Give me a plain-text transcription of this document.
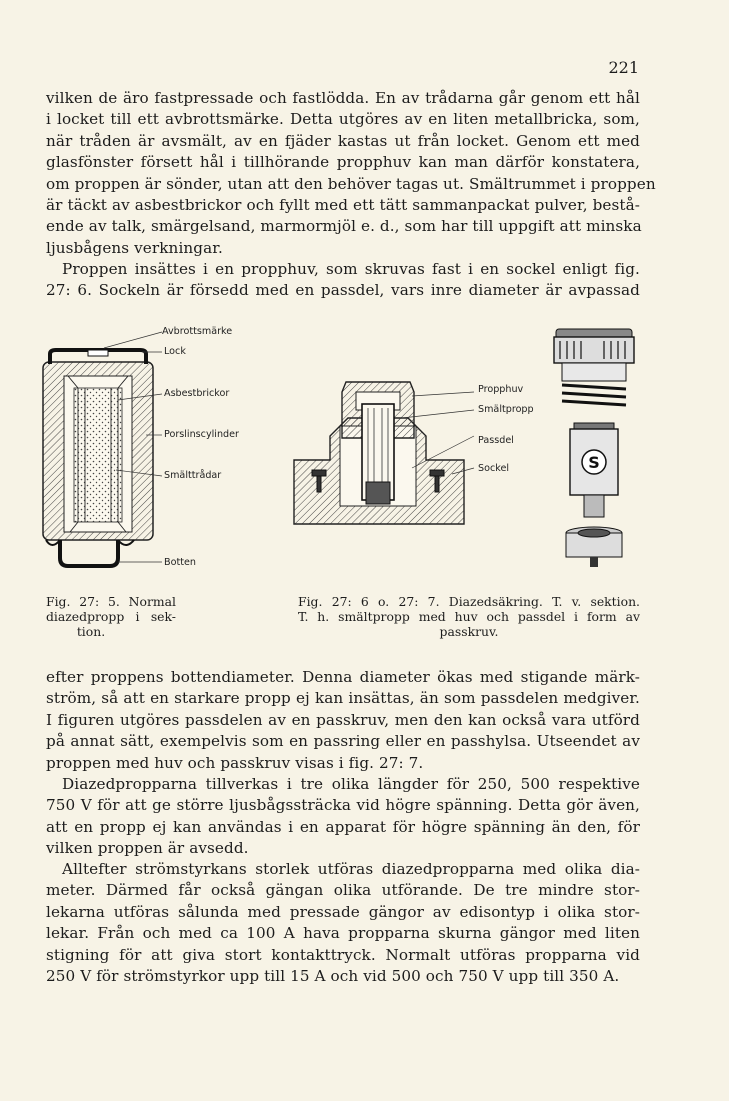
221
vilken de äro fastpressade och fastlödda. En av trådarna går genom ett hål
i locket till ett avbrottsmärke. Detta utgöres av en liten metallbricka, som,
när tråden är avsmält, av en fjäder kastas ut från locket. Genom ett med
glasfönster försett hål i tillhörande propphuv kan man därför konstatera,
om proppen är sönder, utan att den behöver tagas ut. Smältrummet i proppen
är täckt av asbestbrickor och fyllt med ett tätt sammanpackat pulver, bestå-
ende av talk, smärgelsand, marmormjöl e. d., som har till uppgift att minska
ljusbågens verkningar.
Proppen insättes i en propphuv, som skruvas fast i en sockel enligt fig.
27: 6. Sockeln är försedd med en passdel, vars inre diameter är avpassad
Avbrottsmärke
Lock
Asbestbrickor
Porslinscylinder
Smälttrådar
Botten
Propphuv
Smältpropp
Passdel
Sockel	S
Fig. 27: 5. Normal
diazedpropp i sek-
tion.
Fig. 27: 6 o. 27: 7. Diazedsäkring. T. v. sektion.
T. h. smältpropp med huv och passdel i form av
passkruv.
efter proppens bottendiameter. Denna diameter ökas med stigande märk-
ström, så att en starkare propp ej kan insättas, än som passdelen medgiver.
I figuren utgöres passdelen av en passkruv, men den kan också vara utförd
på annat sätt, exempelvis som en passring eller en passhylsa. Utseendet av
proppen med huv och passkruv visas i fig. 27: 7.
Diazedpropparna tillverkas i tre olika längder för 250, 500 respektive
750 V för att ge större ljusbågssträcka vid högre spänning. Detta gör även,
att en propp ej kan användas i en apparat för högre spänning än den, för
vilken proppen är avsedd.
Alltefter strömstyrkans storlek utföras diazedpropparna med olika dia-
meter. Därmed får också gängan olika utförande. De tre mindre stor-
lekarna utföras sålunda med pressade gängor av edisontyp i olika stor-
lekar. Från och med ca 100 A hava propparna skurna gängor med liten
stigning för att giva stort kontakttryck. Normalt utföras propparna vid
250 V för strömstyrkor upp till 15 A och vid 500 och 750 V upp till 350 A.
